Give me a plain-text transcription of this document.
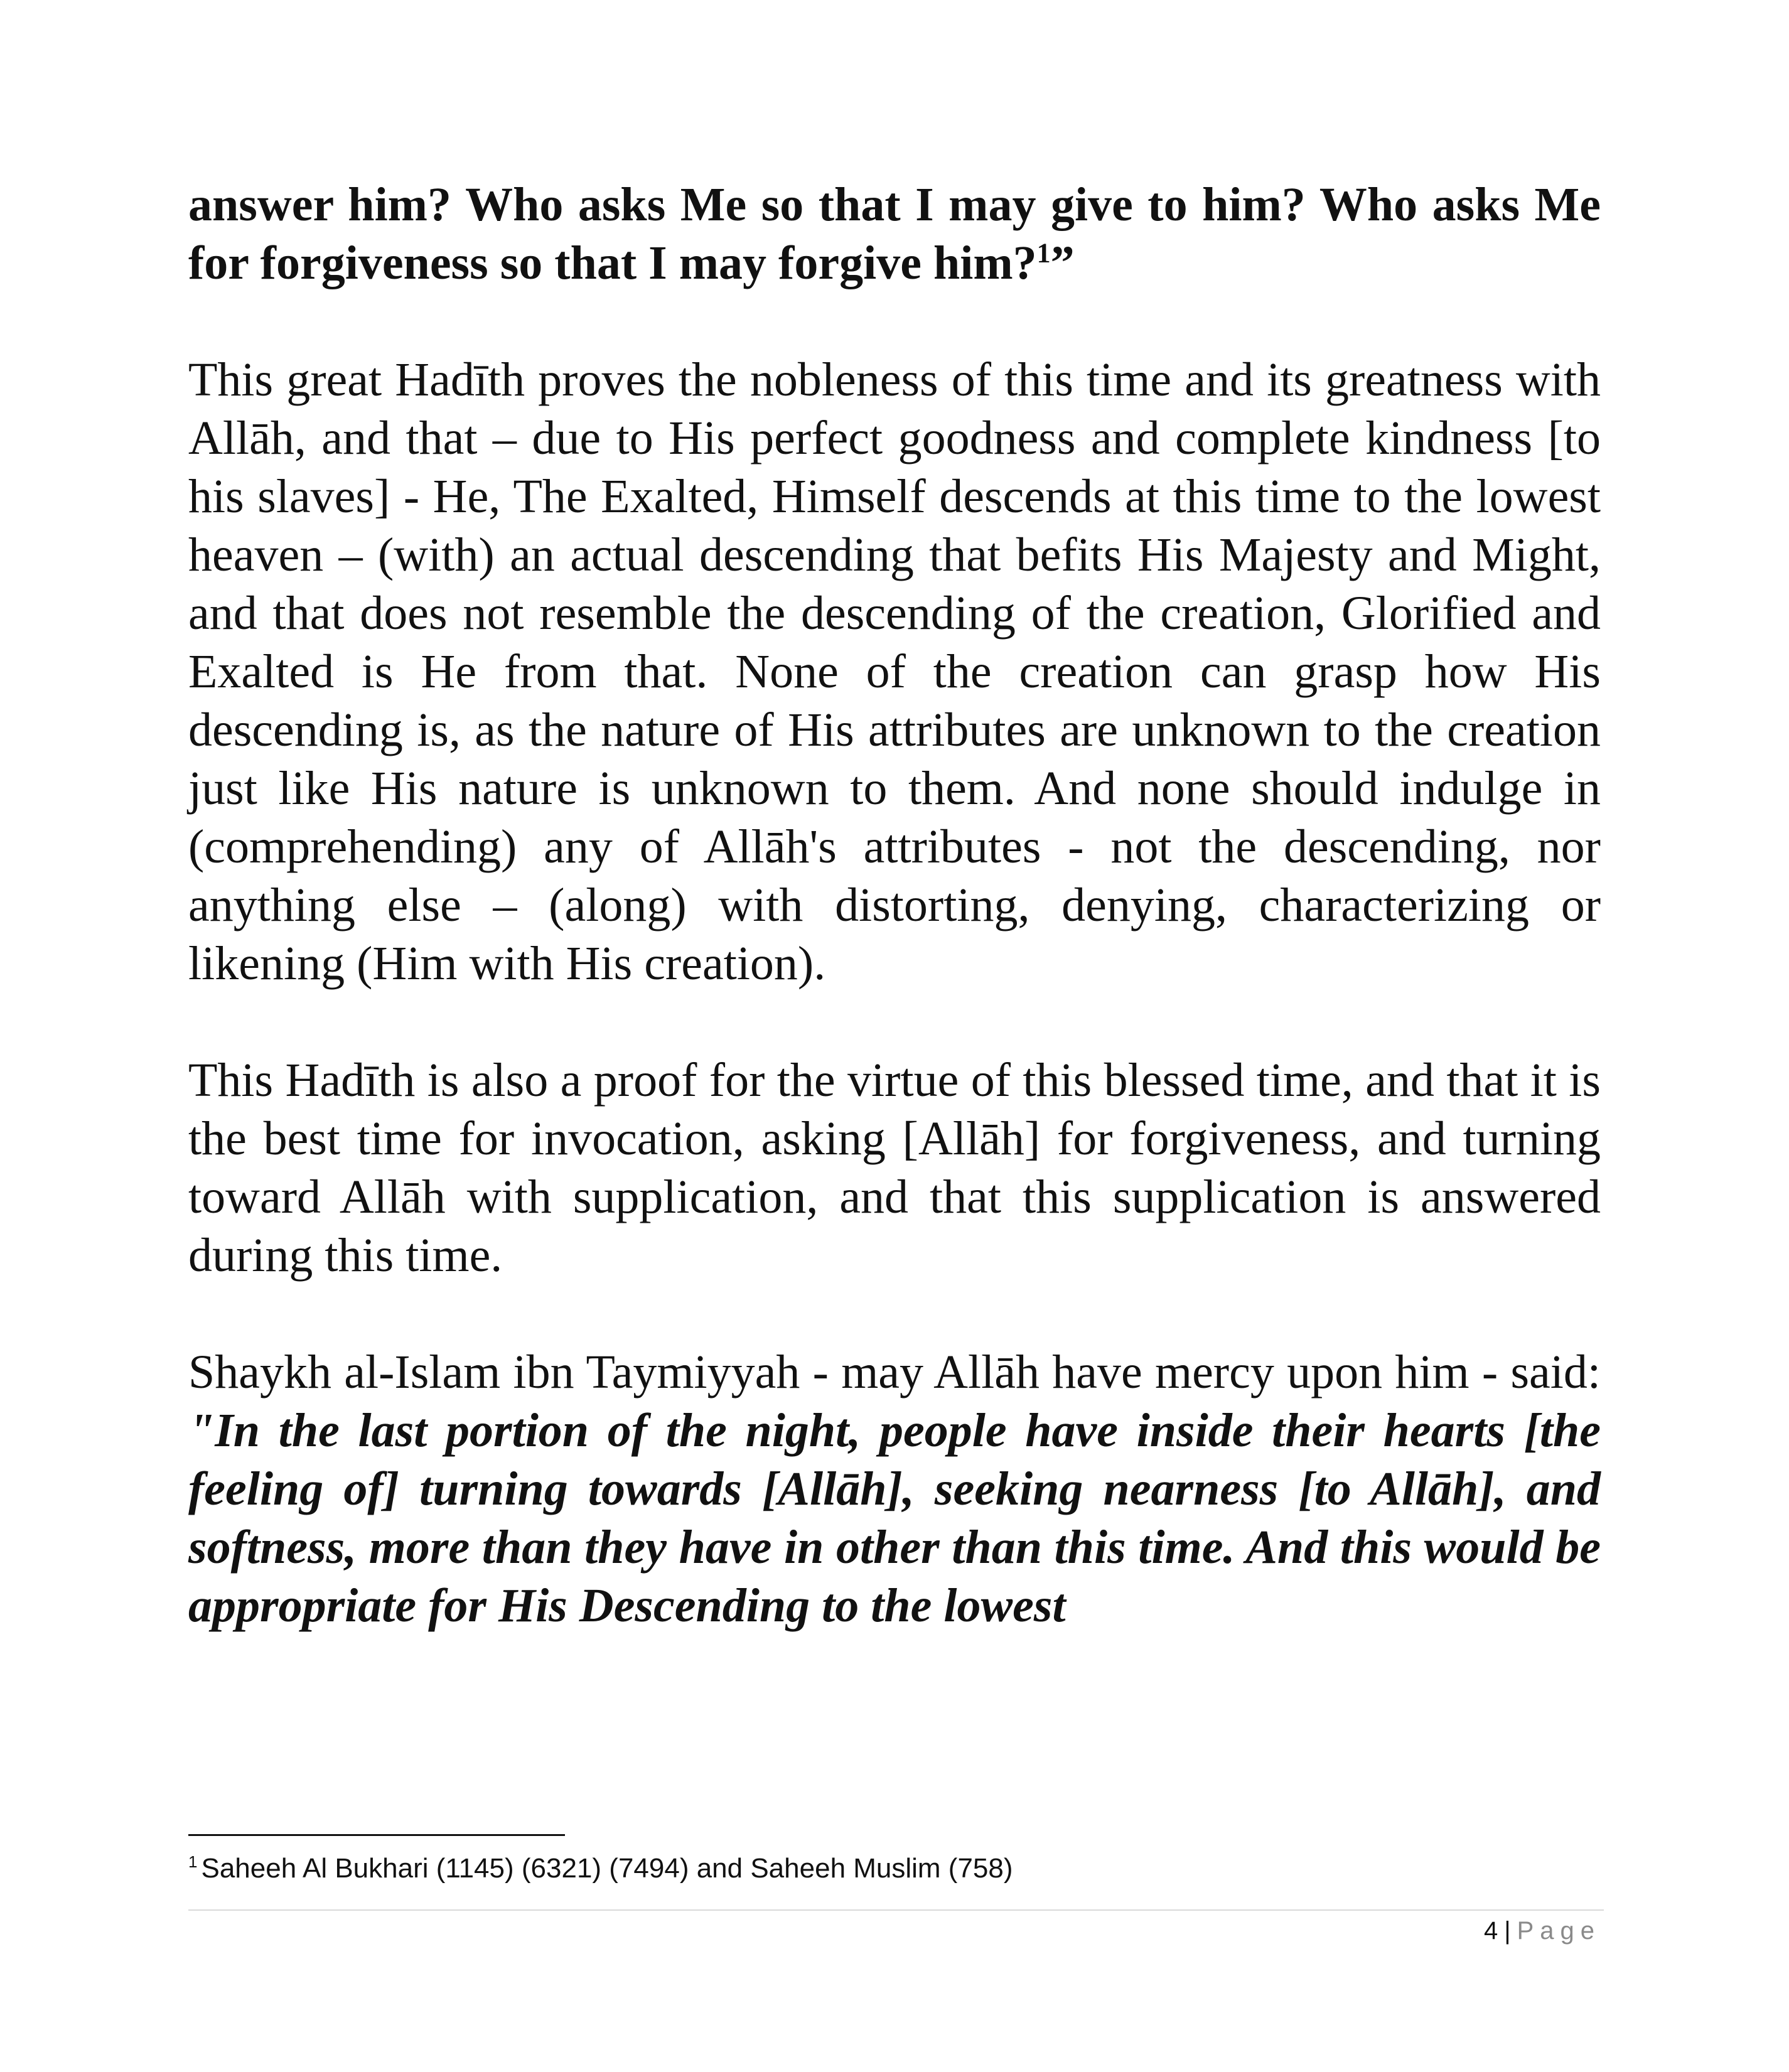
answer him? Who asks Me so that I may give to him? Who asks Me for forgiveness so that I may forgive him?$^1$”

This great Hadīth proves the nobleness of this time and its greatness with Allāh, and that – due to His perfect goodness and complete kindness [to his slaves] - He, The Exalted, Himself descends at this time to the lowest heaven – (with) an actual descending that befits His Majesty and Might, and that does not resemble the descending of the creation, Glorified and Exalted is He from that. None of the creation can grasp how His descending is, as the nature of His attributes are unknown to the creation just like His nature is unknown to them. And none should indulge in (comprehending) any of Allāh's attributes - not the descending, nor anything else – (along) with distorting, denying, characterizing or likening (Him with His creation).

This Hadīth is also a proof for the virtue of this blessed time, and that it is the best time for invocation, asking [Allāh] for forgiveness, and turning toward Allāh with supplication, and that this supplication is answered during this time.

Shaykh al-Islam ibn Taymiyyah - may Allāh have mercy upon him - said: "In the last portion of the night, people have inside their hearts [the feeling of] turning towards [Allāh], seeking nearness [to Allāh], and softness, more than they have in other than this time. And this would be appropriate for His Descending to the lowest

$^1$ Saheeh Al Bukhari (1145) (6321) (7494) and Saheeh Muslim (758)
4 | Page
